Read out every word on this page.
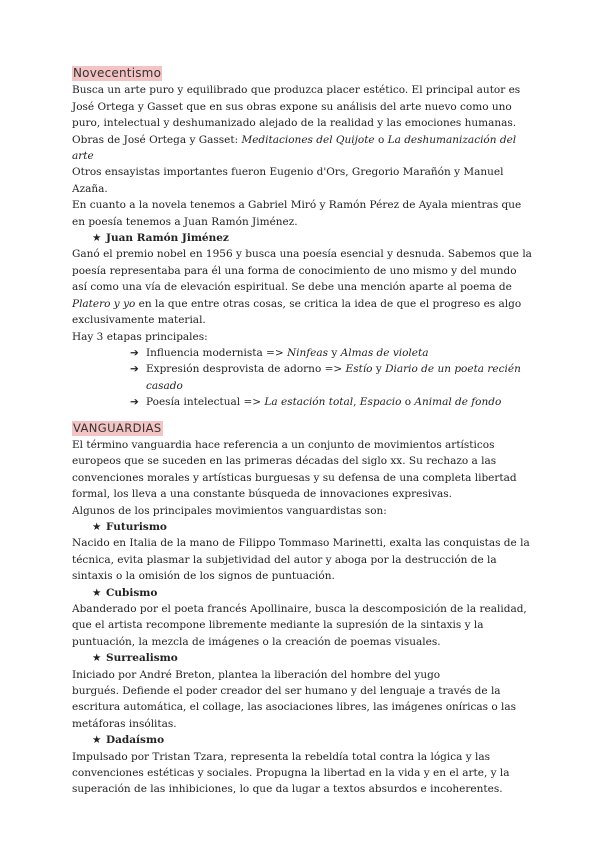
Novecentismo

Busca un arte puro y equilibrado que produzca placer estético. El principal autor es José Ortega y Gasset que en sus obras expone su análisis del arte nuevo como uno puro, intelectual y deshumanizado alejado de la realidad y las emociones humanas.

Obras de José Ortega y Gasset: Meditaciones del Quijote o La deshumanización del arte

Otros ensayistas importantes fueron Eugenio d'Ors, Gregorio Marañón y Manuel Azaña.

En cuanto a la novela tenemos a Gabriel Miró y Ramón Pérez de Ayala mientras que en poesía tenemos a Juan Ramón Jiménez.

★ Juan Ramón Jiménez

Ganó el premio nobel en 1956 y busca una poesía esencial y desnuda. Sabemos que la poesía representaba para él una forma de conocimiento de uno mismo y del mundo así como una vía de elevación espiritual. Se debe una mención aparte al poema de Platero y yo en la que entre otras cosas, se critica la idea de que el progreso es algo exclusivamente material.

Hay 3 etapas principales:

➔ Influencia modernista => Ninfeas y Almas de violeta
➔ Expresión desprovista de adorno => Estío y Diario de un poeta recién casado
➔ Poesía intelectual => La estación total, Espacio o Animal de fondo
VANGUARDIAS

El término vanguardia hace referencia a un conjunto de movimientos artísticos europeos que se suceden en las primeras décadas del siglo xx. Su rechazo a las convenciones morales y artísticas burguesas y su defensa de una completa libertad formal, los lleva a una constante búsqueda de innovaciones expresivas.

Algunos de los principales movimientos vanguardistas son:

★ Futurismo

Nacido en Italia de la mano de Filippo Tommaso Marinetti, exalta las conquistas de la técnica, evita plasmar la subjetividad del autor y aboga por la destrucción de la sintaxis o la omisión de los signos de puntuación.

★ Cubismo

Abanderado por el poeta francés Apollinaire, busca la descomposición de la realidad, que el artista recompone libremente mediante la supresión de la sintaxis y la puntuación, la mezcla de imágenes o la creación de poemas visuales.

★ Surrealismo

Iniciado por André Breton, plantea la liberación del hombre del yugo

burgués. Defiende el poder creador del ser humano y del lenguaje a través de la escritura automática, el collage, las asociaciones libres, las imágenes oníricas o las metáforas insólitas.

★ Dadaísmo

Impulsado por Tristan Tzara, representa la rebeldía total contra la lógica y las convenciones estéticas y sociales. Propugna la libertad en la vida y en el arte, y la superación de las inhibiciones, lo que da lugar a textos absurdos e incoherentes.
